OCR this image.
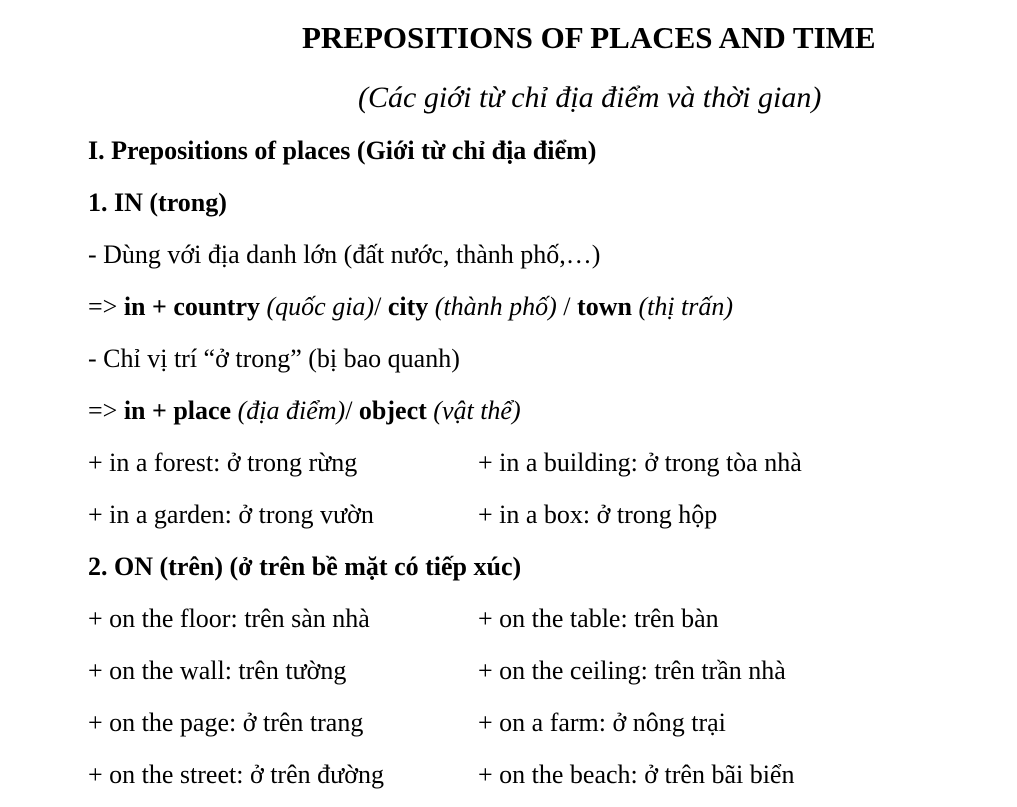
PREPOSITIONS OF PLACES AND TIME
(Các giới từ chỉ địa điểm và thời gian)
I. Prepositions of places (Giới từ chỉ địa điểm)
1. IN (trong)
- Dùng với địa danh lớn (đất nước, thành phố,…)
=> in + country (quốc gia)/ city (thành phố) / town (thị trấn)
- Chỉ vị trí “ở trong” (bị bao quanh)
=> in + place (địa điểm)/ object (vật thể)
+ in a forest: ở trong rừng	+ in a building: ở trong tòa nhà
+ in a garden: ở trong vườn	+ in a box: ở trong hộp
2. ON (trên) (ở trên bề mặt có tiếp xúc)
+ on the floor: trên sàn nhà	+ on the table: trên bàn
+ on the wall: trên tường	+ on the ceiling: trên trần nhà
+ on the page: ở trên trang	+ on a farm: ở nông trại
+ on the street: ở trên đường	+ on the beach: ở trên bãi biển
